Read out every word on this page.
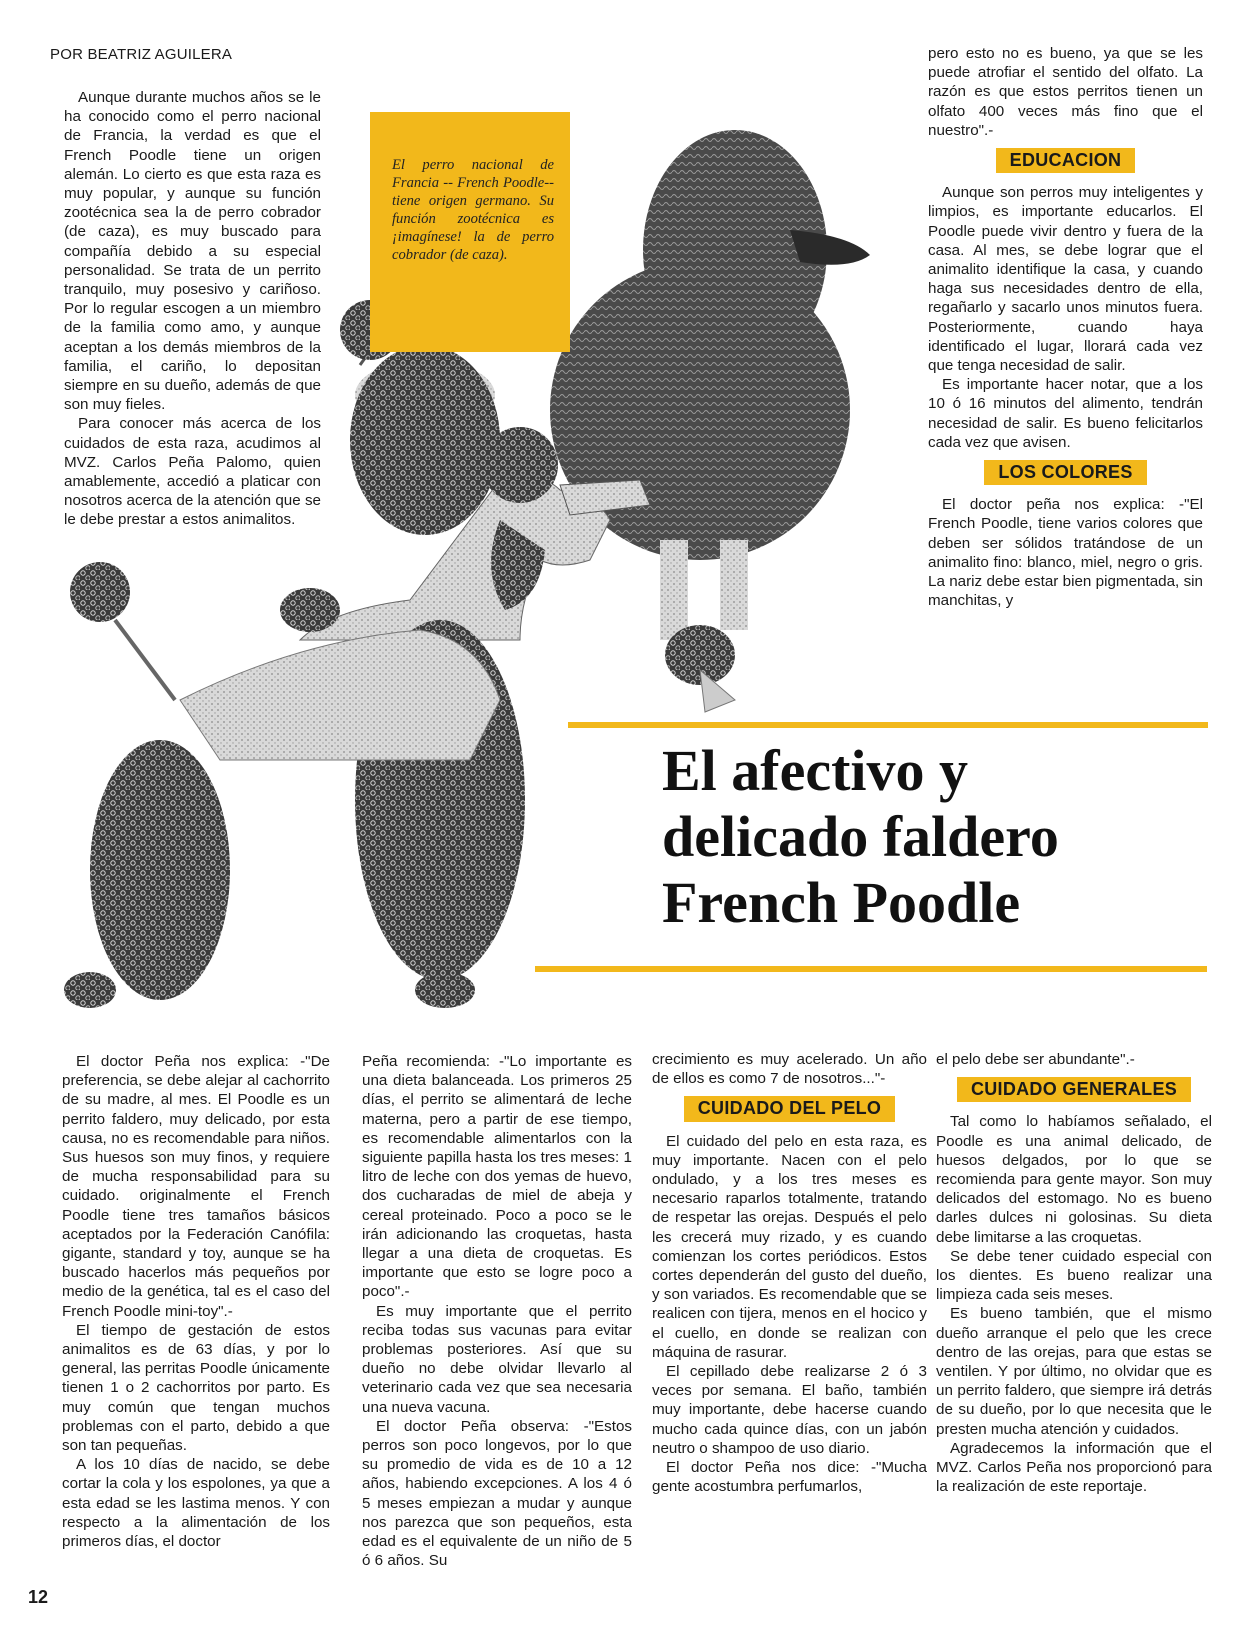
POR BEATRIZ AGUILERA

Aunque durante muchos años se le ha conocido como el perro nacional de Francia, la verdad es que el French Poodle tiene un origen alemán. Lo cierto es que esta raza es muy popular, y aunque su función zootécnica sea la de perro cobrador (de caza), es muy buscado para compañía debido a su especial personalidad. Se trata de un perrito tranquilo, muy posesivo y cariñoso. Por lo regular escogen a un miembro de la familia como amo, y aunque aceptan a los demás miembros de la familia, el cariño, lo depositan siempre en su dueño, además de que son muy fieles.

Para conocer más acerca de los cuidados de esta raza, acudimos al MVZ. Carlos Peña Palomo, quien amablemente, accedió a platicar con nosotros acerca de la atención que se le debe prestar a estos animalitos.

El perro nacional de Francia -- French Poodle-- tiene origen germano. Su función zootécnica es ¡imagínese! la de perro cobrador (de caza).

pero esto no es bueno, ya que se les puede atrofiar el sentido del olfato. La razón es que estos perritos tienen un olfato 400 veces más fino que el nuestro".-

EDUCACION

Aunque son perros muy inteligentes y limpios, es importante educarlos. El Poodle puede vivir dentro y fuera de la casa. Al mes, se debe lograr que el animalito identifique la casa, y cuando haga sus necesidades dentro de ella, regañarlo y sacarlo unos minutos fuera. Posteriormente, cuando haya identificado el lugar, llorará cada vez que tenga necesidad de salir.

Es importante hacer notar, que a los 10 ó 16 minutos del alimento, tendrán necesidad de salir. Es bueno felicitarlos cada vez que avisen.

LOS COLORES

El doctor peña nos explica: -"El French Poodle, tiene varios colores que deben ser sólidos tratándose de un animalito fino: blanco, miel, negro o gris. La nariz debe estar bien pigmentada, sin manchitas, y

El afectivo y
delicado faldero
French Poodle

El doctor Peña nos explica: -"De preferencia, se debe alejar al cachorrito de su madre, al mes. El Poodle es un perrito faldero, muy delicado, por esta causa, no es recomendable para niños. Sus huesos son muy finos, y requiere de mucha responsabilidad para su cuidado. originalmente el French Poodle tiene tres tamaños básicos aceptados por la Federación Canófila: gigante, standard y toy, aunque se ha buscado hacerlos más pequeños por medio de la genética, tal es el caso del French Poodle mini-toy".-

El tiempo de gestación de estos animalitos es de 63 días, y por lo general, las perritas Poodle únicamente tienen 1 o 2 cachorritos por parto. Es muy común que tengan muchos problemas con el parto, debido a que son tan pequeñas.

A los 10 días de nacido, se debe cortar la cola y los espolones, ya que a esta edad se les lastima menos. Y con respecto a la alimentación de los primeros días, el doctor

Peña recomienda: -"Lo importante es una dieta balanceada. Los primeros 25 días, el perrito se alimentará de leche materna, pero a partir de ese tiempo, es recomendable alimentarlos con la siguiente papilla hasta los tres meses: 1 litro de leche con dos yemas de huevo, dos cucharadas de miel de abeja y cereal proteinado. Poco a poco se le irán adicionando las croquetas, hasta llegar a una dieta de croquetas. Es importante que esto se logre poco a poco".-

Es muy importante que el perrito reciba todas sus vacunas para evitar problemas posteriores. Así que su dueño no debe olvidar llevarlo al veterinario cada vez que sea necesaria una nueva vacuna.

El doctor Peña observa: -"Estos perros son poco longevos, por lo que su promedio de vida es de 10 a 12 años, habiendo excepciones. A los 4 ó 5 meses empiezan a mudar y aunque nos parezca que son pequeños, esta edad es el equivalente de un niño de 5 ó 6 años. Su

crecimiento es muy acelerado. Un año de ellos es como 7 de nosotros..."-

CUIDADO DEL PELO

El cuidado del pelo en esta raza, es muy importante. Nacen con el pelo ondulado, y a los tres meses es necesario raparlos totalmente, tratando de respetar las orejas. Después el pelo les crecerá muy rizado, y es cuando comienzan los cortes periódicos. Estos cortes dependerán del gusto del dueño, y son variados. Es recomendable que se realicen con tijera, menos en el hocico y el cuello, en donde se realizan con máquina de rasurar.

El cepillado debe realizarse 2 ó 3 veces por semana. El baño, también muy importante, debe hacerse cuando mucho cada quince días, con un jabón neutro o shampoo de uso diario.

El doctor Peña nos dice: -"Mucha gente acostumbra perfumarlos,

el pelo debe ser abundante".-

CUIDADO GENERALES

Tal como lo habíamos señalado, el Poodle es una animal delicado, de huesos delgados, por lo que se recomienda para gente mayor. Son muy delicados del estomago. No es bueno darles dulces ni golosinas. Su dieta debe limitarse a las croquetas.

Se debe tener cuidado especial con los dientes. Es bueno realizar una limpieza cada seis meses.

Es bueno también, que el mismo dueño arranque el pelo que les crece dentro de las orejas, para que estas se ventilen. Y por último, no olvidar que es un perrito faldero, que siempre irá detrás de su dueño, por lo que necesita que le presten mucha atención y cuidados.

Agradecemos la información que el MVZ. Carlos Peña nos proporcionó para la realización de este reportaje.

12
